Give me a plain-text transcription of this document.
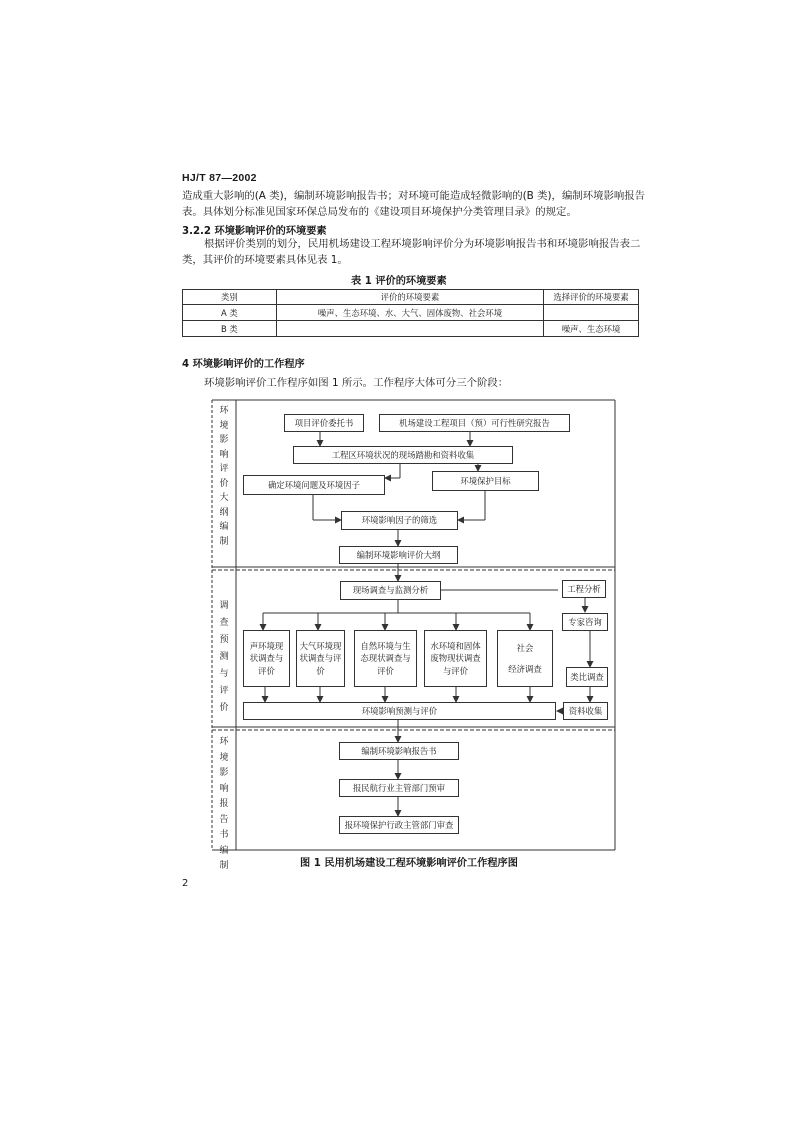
HJ/T 87—2002
造成重大影响的(A 类)，编制环境影响报告书；对环境可能造成轻微影响的(B 类)，编制环境影响报告
表。具体划分标准见国家环保总局发布的《建设项目环境保护分类管理目录》的规定。
3.2.2 环境影响评价的环境要素
根据评价类别的划分，民用机场建设工程环境影响评价分为环境影响报告书和环境影响报告表二
类，其评价的环境要素具体见表 1。
表 1 评价的环境要素
类别	评价的环境要素	选择评价的环境要素
A 类	噪声、生态环境、水、大气、固体废物、社会环境	
B 类		噪声、生态环境
4 环境影响评价的工作程序
环境影响评价工作程序如图 1 所示。工作程序大体可分三个阶段：
环境影响评价大纲编制
调查预测与评价
环境影响报告书编制
项目评价委托书	机场建设工程项目（预）可行性研究报告
工程区环境状况的现场踏勘和资料收集
确定环境问题及环境因子	环境保护目标
环境影响因子的筛选
编制环境影响评价大纲
现场调查与监测分析	工程分析
专家咨询
声环境现状调查与评价
大气环境现状调查与评价
自然环境与生态现状调查与评价
水环境和固体废物现状调查与评价
社会
经济调查
类比调查
环境影响预测与评价	资料收集
编制环境影响报告书
报民航行业主管部门预审
报环境保护行政主管部门审查
图 1 民用机场建设工程环境影响评价工作程序图
2
